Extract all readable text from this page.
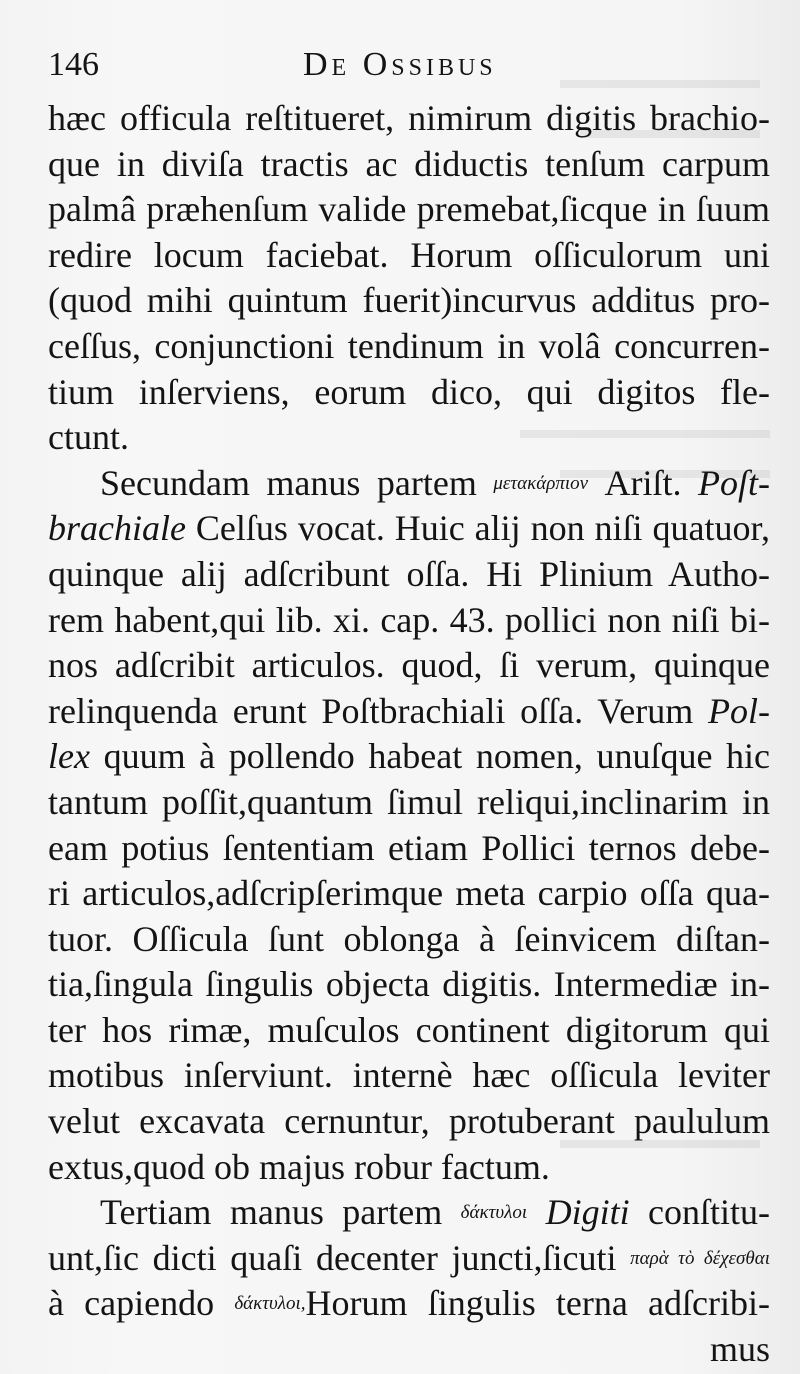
146	De Ossibus
hæc officula reſtitueret, nimirum digitis brachio-
que in diviſa tractis ac diductis tenſum carpum
palmâ præhenſum valide premebat,ſicque in ſuum
redire locum faciebat. Horum oſſiculorum uni
(quod mihi quintum fuerit)incurvus additus pro-
ceſſus, conjunctioni tendinum in volâ concurren-
tium inſerviens, eorum dico, qui digitos fle-
ctunt.
Secundam manus partem μετακάρπιον Ariſt. Poſt-
brachiale Celſus vocat. Huic alij non niſi quatuor,
quinque alij adſcribunt oſſa. Hi Plinium Autho-
rem habent,qui lib. xi. cap. 43. pollici non niſi bi-
nos adſcribit articulos. quod, ſi verum, quinque
relinquenda erunt Poſtbrachiali oſſa. Verum Pol-
lex quum à pollendo habeat nomen, unuſque hic
tantum poſſit,quantum ſimul reliqui,inclinarim in
eam potius ſententiam etiam Pollici ternos debe-
ri articulos,adſcripſerimque meta carpio oſſa qua-
tuor. Oſſicula ſunt oblonga à ſeinvicem diſtan-
tia,ſingula ſingulis objecta digitis. Intermediæ in-
ter hos rimæ, muſculos continent digitorum qui
motibus inſerviunt. internè hæc oſſicula leviter
velut excavata cernuntur, protuberant paululum
extus,quod ob majus robur factum.
Tertiam manus partem δάκτυλοι Digiti conſtitu-
unt,ſic dicti quaſi decenter juncti,ſicuti παρὰ τὸ δέχεσθαι
à capiendo δάκτυλοι,Horum ſingulis terna adſcribi-
mus
